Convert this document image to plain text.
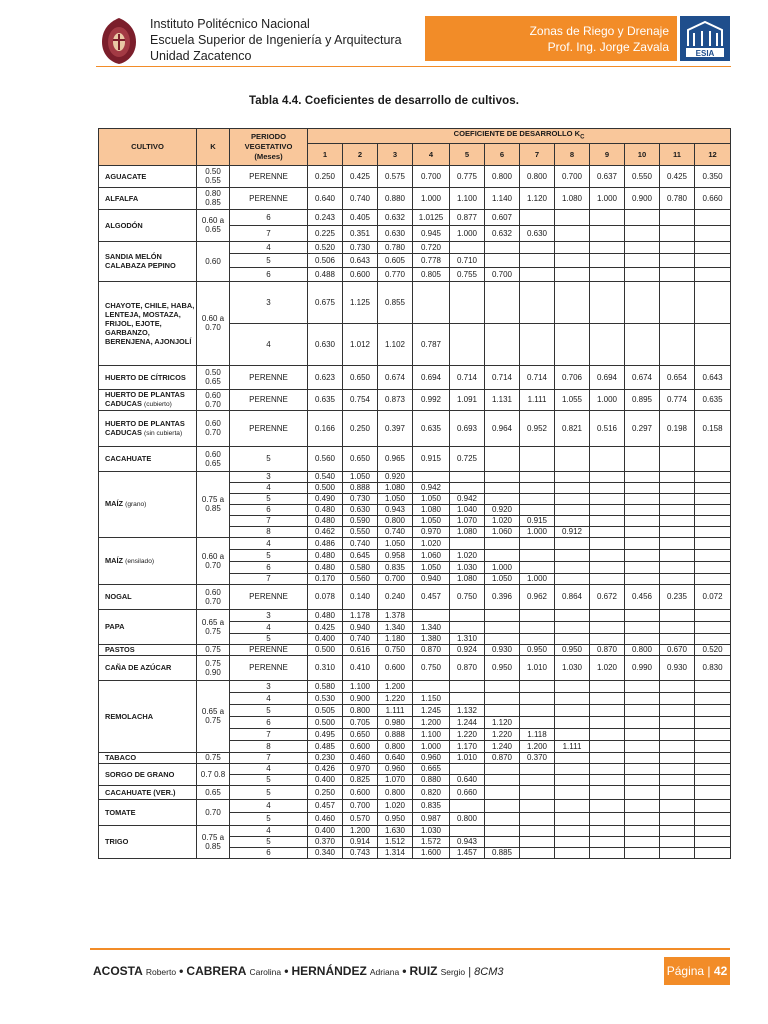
Instituto Politécnico Nacional
Escuela Superior de Ingeniería y Arquitectura
Unidad Zacatenco
Zonas de Riego y Drenaje
Prof. Ing. Jorge Zavala	ESIA
Tabla 4.4. Coeficientes de desarrollo de cultivos.
CULTIVO	K	PERIODO VEGETATIVO (Meses)	COEFICIENTE DE DESARROLLO $K_C$
			1	2	3	4	5	6	7	8	9	10	11	12
AGUACATE	0.50 0.55	PERENNE	0.250	0.425	0.575	0.700	0.775	0.800	0.800	0.700	0.637	0.550	0.425	0.350
ALFALFA	0.80 0.85	PERENNE	0.640	0.740	0.880	1.000	1.100	1.140	1.120	1.080	1.000	0.900	0.780	0.660
ALGODÓN	0.60 a 0.65	6	0.243	0.405	0.632	1.0125	0.877	0.607						
		7	0.225	0.351	0.630	0.945	1.000	0.632	0.630					
SANDIA MELÓN CALABAZA PEPINO	0.60	4	0.520	0.730	0.780	0.720								
		5	0.506	0.643	0.605	0.778	0.710							
		6	0.488	0.600	0.770	0.805	0.755	0.700						
CHAYOTE, CHILE, HABA, LENTEJA, MOSTAZA, FRIJOL, EJOTE, GARBANZO, BERENJENA, AJONJOLÍ	0.60 a 0.70	3	0.675	1.125	0.855									
		4	0.630	1.012	1.102	0.787								
HUERTO DE CÍTRICOS	0.50 0.65	PERENNE	0.623	0.650	0.674	0.694	0.714	0.714	0.714	0.706	0.694	0.674	0.654	0.643
HUERTO DE PLANTAS CADUCAS (cubierto)	0.60 0.70	PERENNE	0.635	0.754	0.873	0.992	1.091	1.131	1.111	1.055	1.000	0.895	0.774	0.635
HUERTO DE PLANTAS CADUCAS (sin cubierta)	0.60 0.70	PERENNE	0.166	0.250	0.397	0.635	0.693	0.964	0.952	0.821	0.516	0.297	0.198	0.158
CACAHUATE	0.60 0.65	5	0.560	0.650	0.965	0.915	0.725							
MAÍZ (grano)	0.75 a 0.85	3	0.540	1.050	0.920									
		4	0.500	0.888	1.080	0.942								
		5	0.490	0.730	1.050	1.050	0.942							
		6	0.480	0.630	0.943	1.080	1.040	0.920						
		7	0.480	0.590	0.800	1.050	1.070	1.020	0.915					
		8	0.462	0.550	0.740	0.970	1.080	1.060	1.000	0.912				
MAÍZ (ensilado)	0.60 a 0.70	4	0.486	0.740	1.050	1.020								
		5	0.480	0.645	0.958	1.060	1.020							
		6	0.480	0.580	0.835	1.050	1.030	1.000						
		7	0.170	0.560	0.700	0.940	1.080	1.050	1.000					
NOGAL	0.60 0.70	PERENNE	0.078	0.140	0.240	0.457	0.750	0.396	0.962	0.864	0.672	0.456	0.235	0.072
PAPA	0.65 a 0.75	3	0.480	1.178	1.378									
		4	0.425	0.940	1.340	1.340								
		5	0.400	0.740	1.180	1.380	1.310							
PASTOS	0.75	PERENNE	0.500	0.616	0.750	0.870	0.924	0.930	0.950	0.950	0.870	0.800	0.670	0.520
CAÑA DE AZÚCAR	0.75 0.90	PERENNE	0.310	0.410	0.600	0.750	0.870	0.950	1.010	1.030	1.020	0.990	0.930	0.830
REMOLACHA	0.65 a 0.75	3	0.580	1.100	1.200									
		4	0.530	0.900	1.220	1.150								
		5	0.505	0.800	1.111	1.245	1.132							
		6	0.500	0.705	0.980	1.200	1.244	1.120						
		7	0.495	0.650	0.888	1.100	1.220	1.220	1.118					
		8	0.485	0.600	0.800	1.000	1.170	1.240	1.200	1.111				
TABACO	0.75	7	0.230	0.460	0.640	0.960	1.010	0.870	0.370					
SORGO DE GRANO	0.7 0.8	4	0.426	0.970	0.960	0.665								
		5	0.400	0.825	1.070	0.880	0.640							
CACAHUATE (VER.)	0.65	5	0.250	0.600	0.800	0.820	0.660							
TOMATE	0.70	4	0.457	0.700	1.020	0.835								
		5	0.460	0.570	0.950	0.987	0.800							
TRIGO	0.75 a 0.85	4	0.400	1.200	1.630	1.030								
		5	0.370	0.914	1.512	1.572	0.943							
		6	0.340	0.743	1.314	1.600	1.457	0.885						
ACOSTA Roberto • CABRERA Carolina • HERNÁNDEZ Adriana • RUIZ Sergio | 8CM3	Página | 42
